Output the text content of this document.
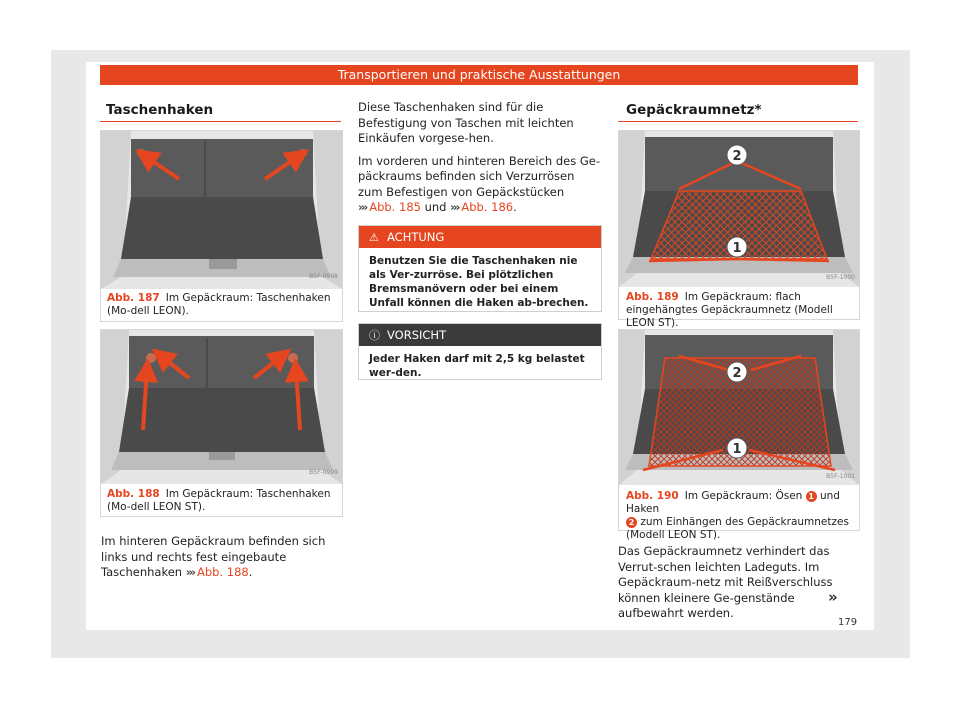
Transportieren und praktische Ausstattungen
Taschenhaken
B5F-0998
Abb. 187 Im Gepäckraum: Taschenhaken (Mo-dell LEON).
B5F-0999
Abb. 188 Im Gepäckraum: Taschenhaken (Mo-dell LEON ST).
Im hinteren Gepäckraum befinden sich links und rechts fest eingebaute Taschenhaken ››› Abb. 188.

Diese Taschenhaken sind für die Befestigung von Taschen mit leichten Einkäufen vorgese-hen.

Im vorderen und hinteren Bereich des Ge-päckraums befinden sich Verzurrösen zum Befestigen von Gepäckstücken ››› Abb. 185 und ››› Abb. 186.

⚠ ACHTUNG
Benutzen Sie die Taschenhaken nie als Ver-zurröse. Bei plötzlichen Bremsmanövern oder bei einem Unfall können die Haken ab-brechen.
ⓘ VORSICHT
Jeder Haken darf mit 2,5 kg belastet wer-den.
Gepäckraumnetz*
2
1
B5F-1000
Abb. 189 Im Gepäckraum: flach eingehängtes Gepäckraumnetz (Modell LEON ST).
2
1
B5F-1001
Abb. 190 Im Gepäckraum: Ösen 1 und Haken
2 zum Einhängen des Gepäckraumnetzes (Modell LEON ST).
Das Gepäckraumnetz verhindert das Verrut-schen leichten Ladeguts. Im Gepäckraum-netz mit Reißverschluss können kleinere Ge-genstände aufbewahrt werden.
»
179
